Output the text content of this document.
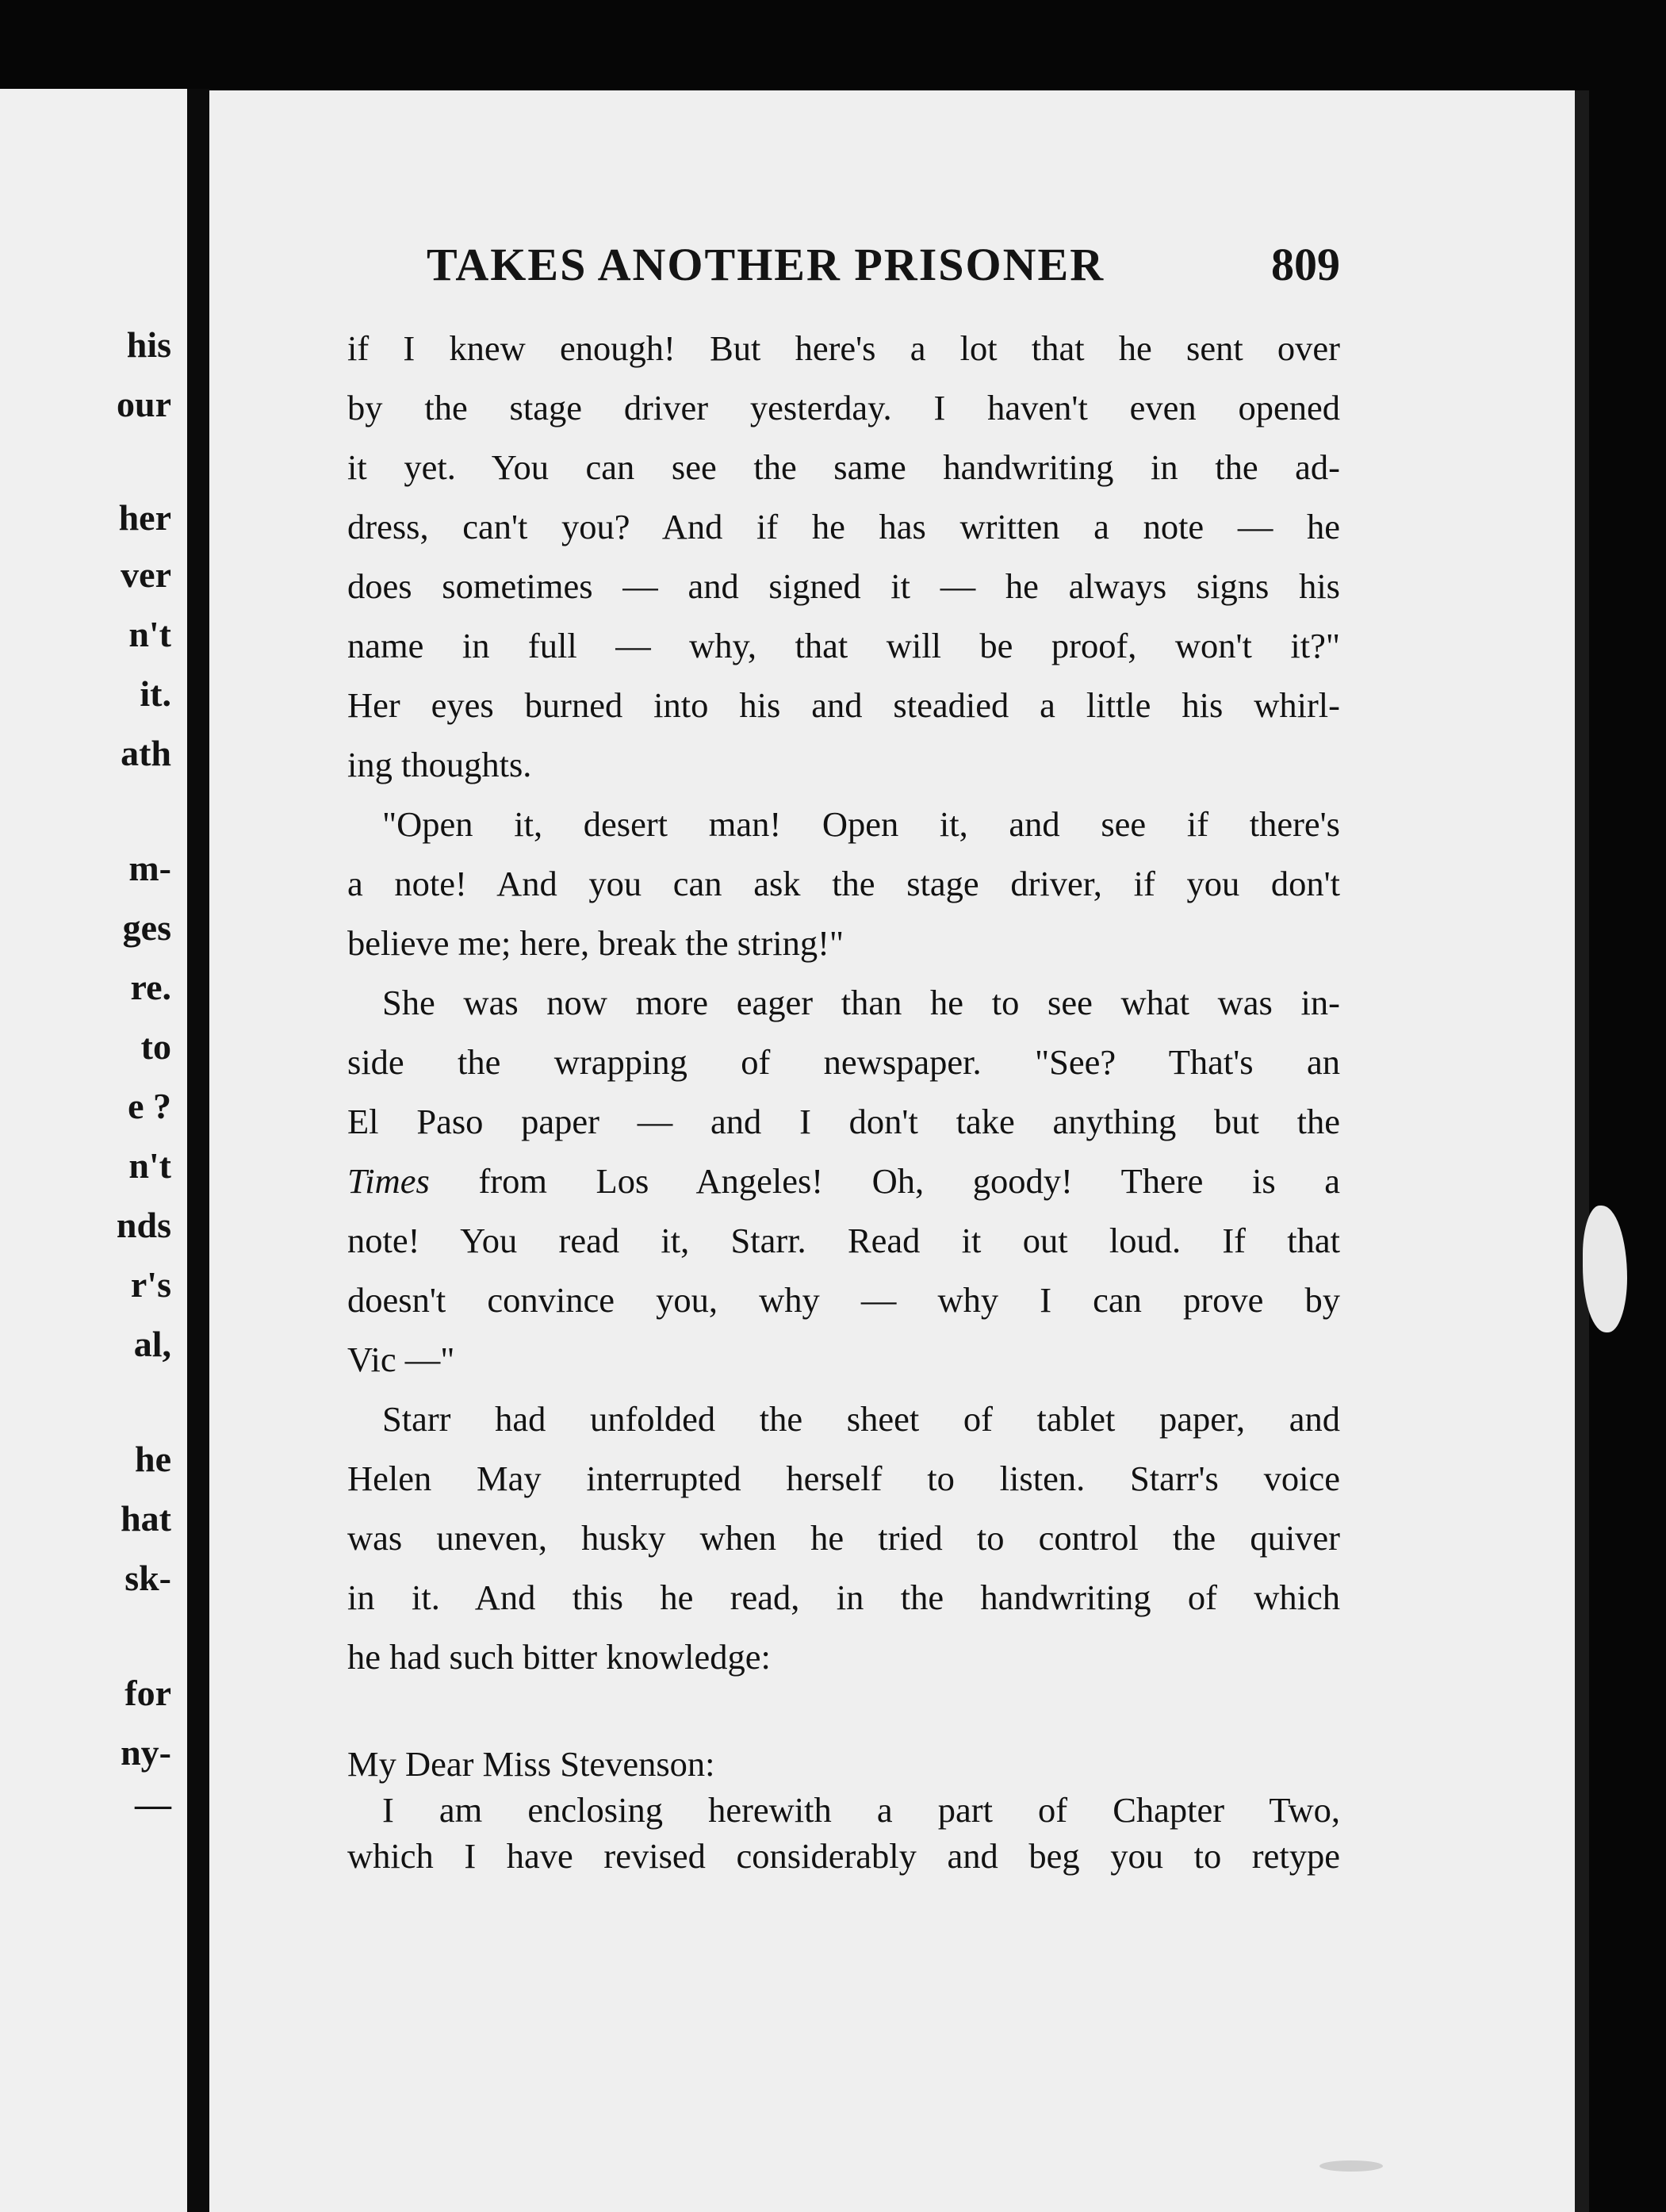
his
our
her
ver
n't
it.
ath
m-
ges
re.
to
e ?
n't
nds
r's
al,
he
hat
sk-
for
ny-
—
TAKES ANOTHER PRISONER	809
if I knew enough! But here's a lot that he sent over
by the stage driver yesterday. I haven't even opened
it yet. You can see the same handwriting in the ad-
dress, can't you? And if he has written a note — he
does sometimes — and signed it — he always signs his
name in full — why, that will be proof, won't it?"
Her eyes burned into his and steadied a little his whirl-
ing thoughts.
"Open it, desert man! Open it, and see if there's
a note! And you can ask the stage driver, if you don't
believe me; here, break the string!"
She was now more eager than he to see what was in-
side the wrapping of newspaper. "See? That's an
El Paso paper — and I don't take anything but the
Times from Los Angeles! Oh, goody! There is a
note! You read it, Starr. Read it out loud. If that
doesn't convince you, why — why I can prove by
Vic —"
Starr had unfolded the sheet of tablet paper, and
Helen May interrupted herself to listen. Starr's voice
was uneven, husky when he tried to control the quiver
in it. And this he read, in the handwriting of which
he had such bitter knowledge:
My Dear Miss Stevenson:
I am enclosing herewith a part of Chapter Two,
which I have revised considerably and beg you to retype
